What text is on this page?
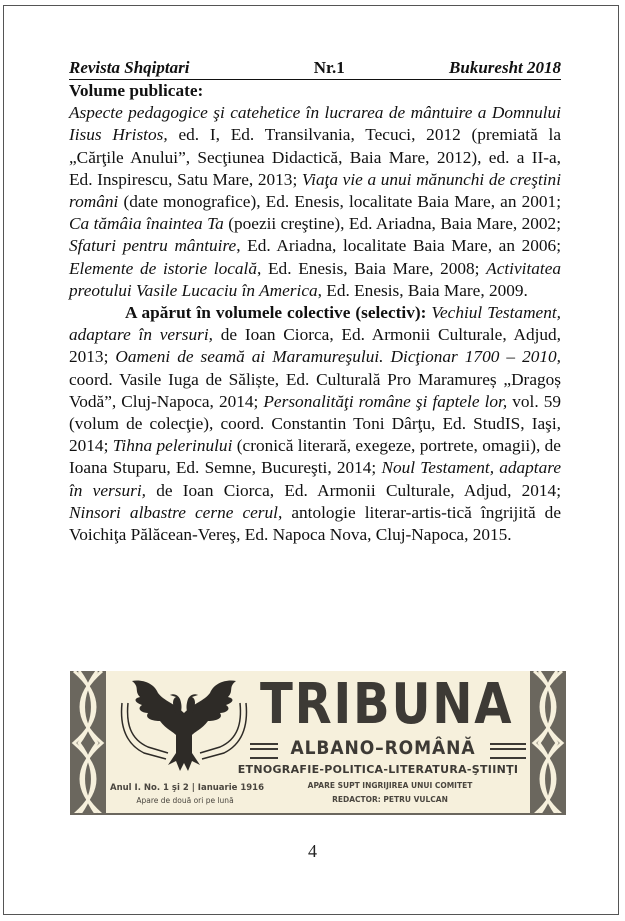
Revista Shqiptari	Nr.1	Bukuresht 2018
Volume publicate:

Aspecte pedagogice şi catehetice în lucrarea de mântuire a Domnului Iisus Hristos, ed. I, Ed. Transilvania, Tecuci, 2012 (premiată la „Cărţile Anului”, Secţiunea Didactică, Baia Mare, 2012), ed. a II-a, Ed. Inspirescu, Satu Mare, 2013; Viaţa vie a unui mănunchi de creştini români (date monografice), Ed. Enesis, localitate Baia Mare, an 2001; Ca tămâia înaintea Ta (poezii creştine), Ed. Ariadna, Baia Mare, 2002; Sfaturi pentru mântuire, Ed. Ariadna, localitate Baia Mare, an 2006; Elemente de istorie locală, Ed. Enesis, Baia Mare, 2008; Activitatea preotului Vasile Lucaciu în America, Ed. Enesis, Baia Mare, 2009.

A apărut în volumele colective (selectiv): Vechiul Testament, adaptare în versuri, de Ioan Ciorca, Ed. Armonii Culturale, Adjud, 2013; Oameni de seamă ai Maramureşului. Dicţionar 1700 – 2010, coord. Vasile Iuga de Săliște, Ed. Culturală Pro Maramureș „Dragoș Vodă”, Cluj-Napoca, 2014; Personalităţi române şi faptele lor, vol. 59 (volum de colecţie), coord. Constantin Toni Dârţu, Ed. StudIS, Iaşi, 2014; Tihna pelerinului (cronică literară, exegeze, portrete, omagii), de Ioana Stuparu, Ed. Semne, Bucureşti, 2014; Noul Testament, adaptare în versuri, de Ioan Ciorca, Ed. Armonii Culturale, Adjud, 2014; Ninsori albastre cerne cerul, antologie literar-artis-tică îngrijită de Voichiţa Pălăcean-Vereş, Ed. Napoca Nova, Cluj-Napoca, 2015.

TRIBUNA
ALBANO–ROMÂNĂ
ETNOGRAFIE-POLITICA-LITERATURA-ŞTIINŢI
Anul I. No. 1 şi 2 | Ianuarie 1916
Apare de două ori pe lună
APARE SUPT INGRIJIREA UNUI COMITET
REDACTOR: PETRU VULCAN
4
